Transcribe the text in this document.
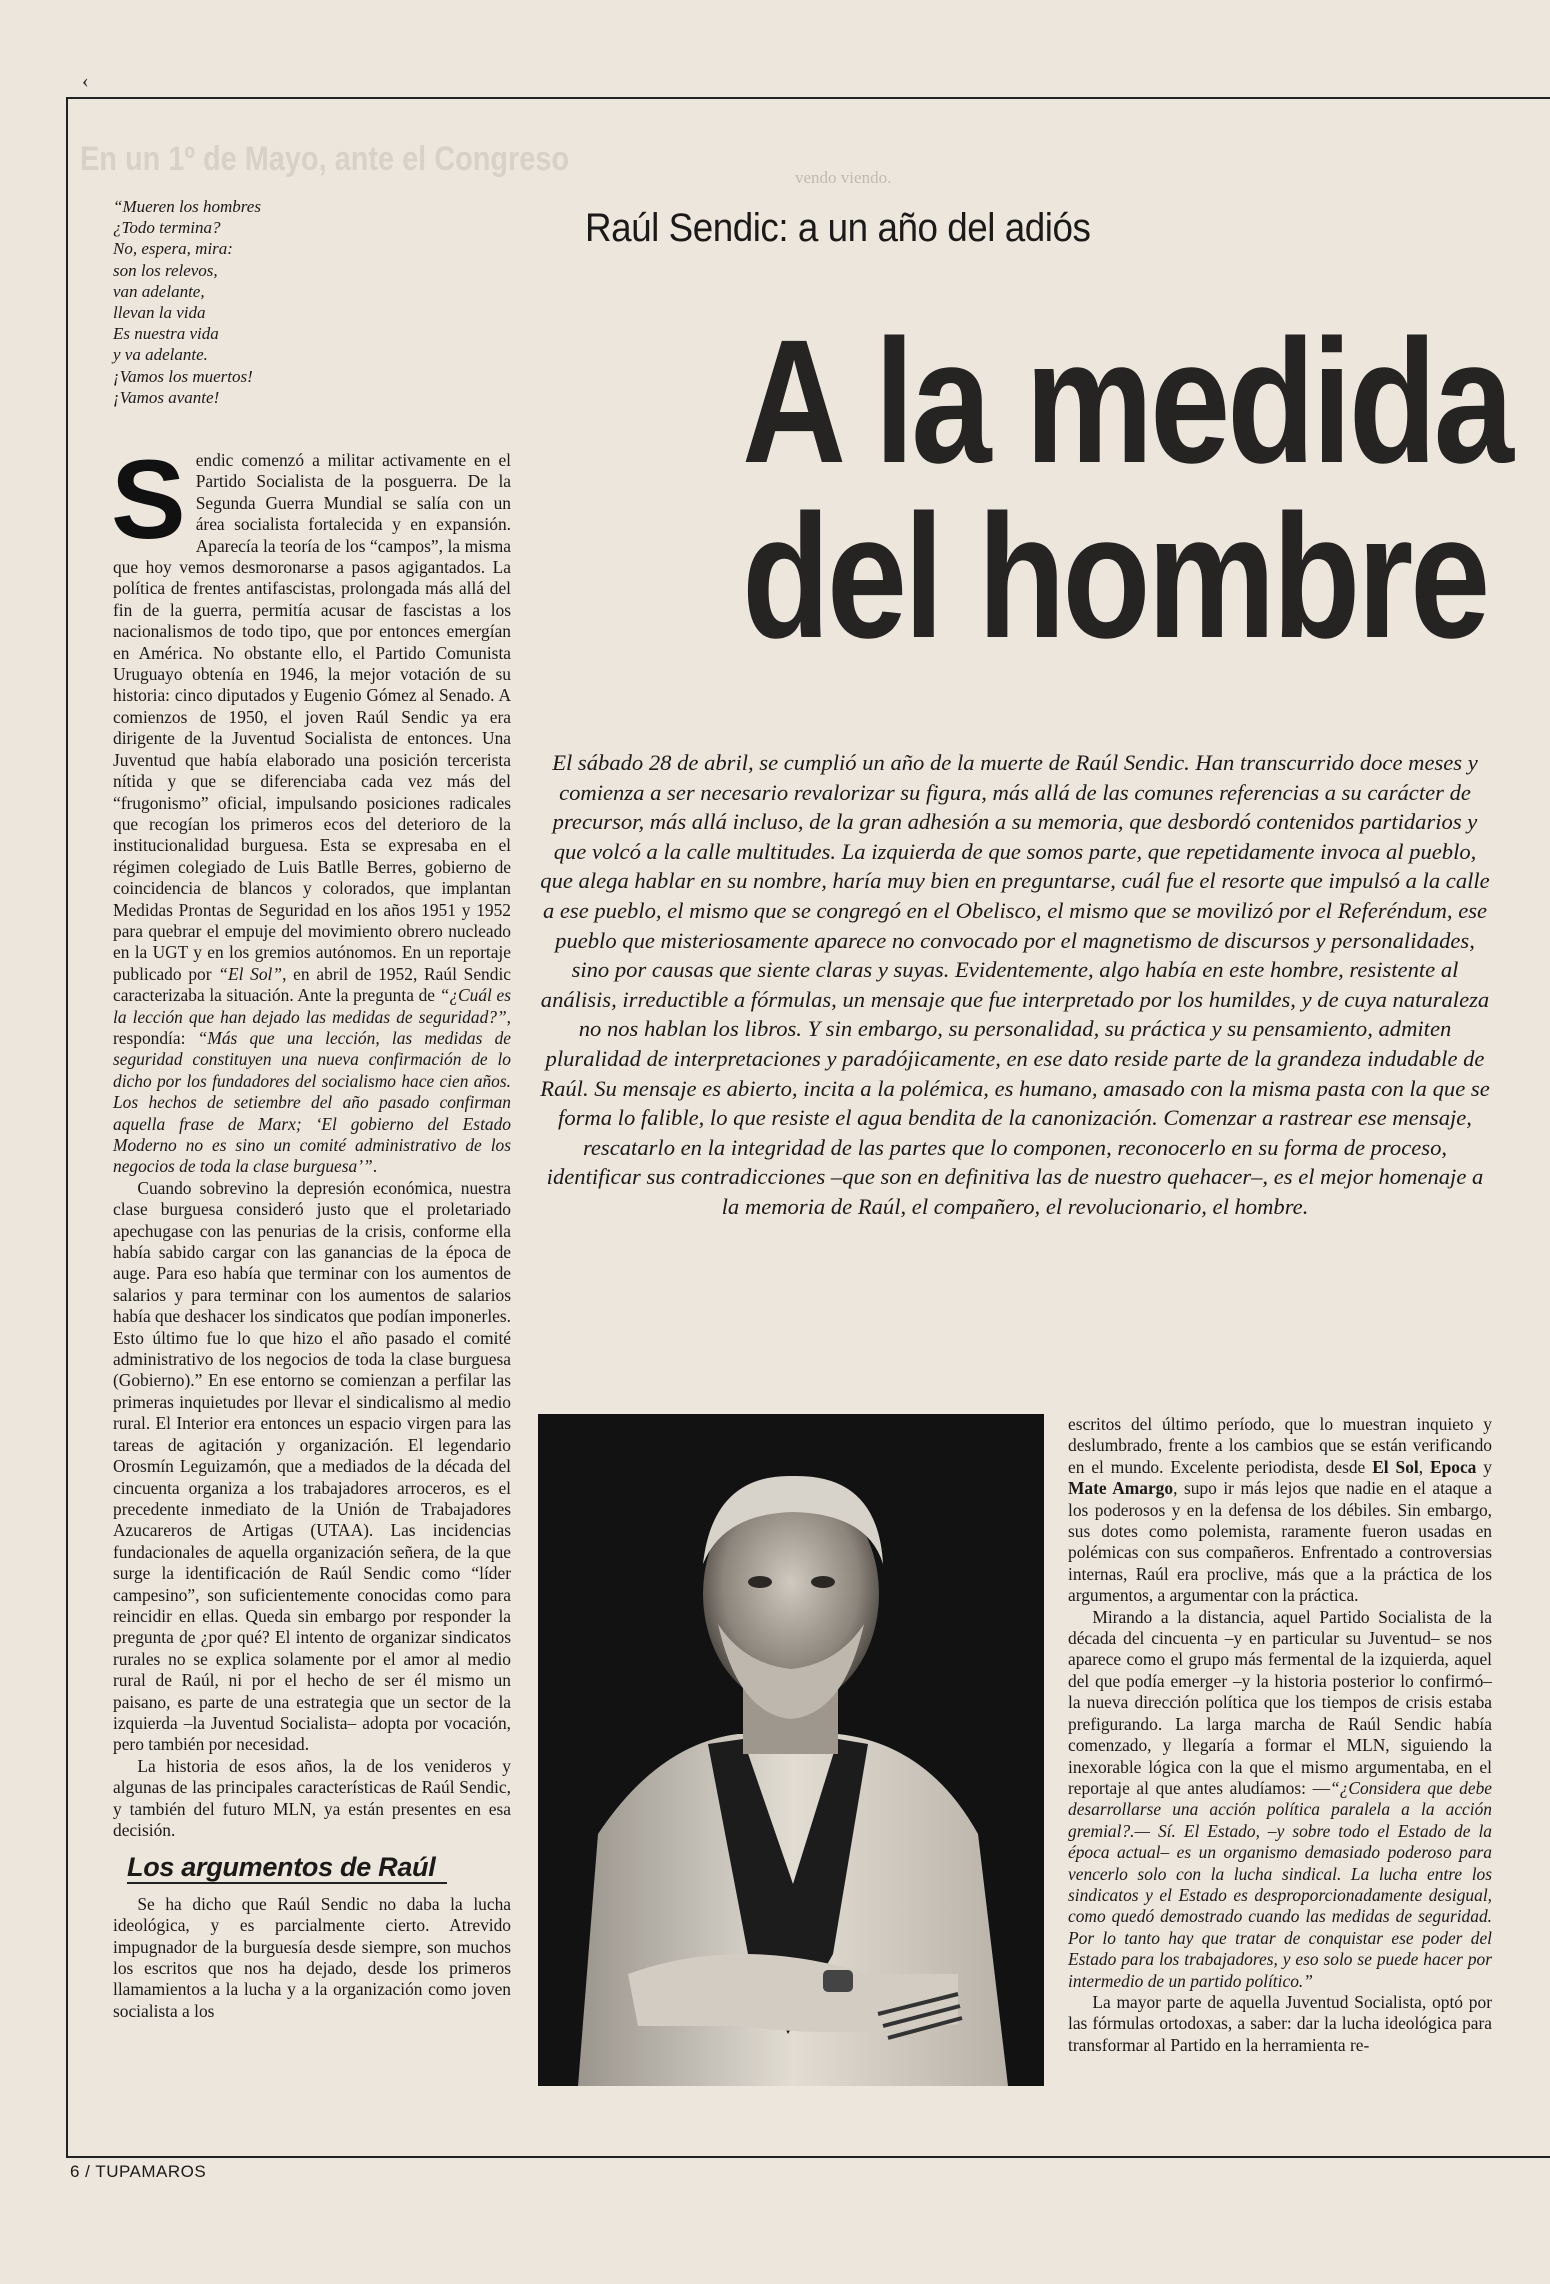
‹
En un 1º de Mayo, ante el Congreso	vendo viendo.
“Mueren los hombres
¿Todo termina?
No, espera, mira:
son los relevos,
van adelante,
llevan la vida
Es nuestra vida
y va adelante.
¡Vamos los muertos!
¡Vamos avante!
Raúl Sendic: a un año del adiós
A la medida
del hombre
El sábado 28 de abril, se cumplió un año de la muerte de Raúl Sendic. Han transcurrido doce meses y comienza a ser necesario revalorizar su figura, más allá de las comunes referencias a su carácter de precursor, más allá incluso, de la gran adhesión a su memoria, que desbordó contenidos partidarios y que volcó a la calle multitudes. La izquierda de que somos parte, que repetidamente invoca al pueblo, que alega hablar en su nombre, haría muy bien en preguntarse, cuál fue el resorte que impulsó a la calle a ese pueblo, el mismo que se congregó en el Obelisco, el mismo que se movilizó por el Referéndum, ese pueblo que misteriosamente aparece no convocado por el magnetismo de discursos y personalidades, sino por causas que siente claras y suyas. Evidentemente, algo había en este hombre, resistente al análisis, irreductible a fórmulas, un mensaje que fue interpretado por los humildes, y de cuya naturaleza no nos hablan los libros. Y sin embargo, su personalidad, su práctica y su pensamiento, admiten pluralidad de interpretaciones y paradójicamente, en ese dato reside parte de la grandeza indudable de Raúl. Su mensaje es abierto, incita a la polémica, es humano, amasado con la misma pasta con la que se forma lo falible, lo que resiste el agua bendita de la canonización. Comenzar a rastrear ese mensaje, rescatarlo en la integridad de las partes que lo componen, reconocerlo en su forma de proceso, identificar sus contradicciones –que son en definitiva las de nuestro quehacer–, es el mejor homenaje a la memoria de Raúl, el compañero, el revolucionario, el hombre.

Sendic comenzó a militar activamente en el Partido Socialista de la posguerra. De la Segunda Guerra Mundial se salía con un área socialista fortalecida y en expansión. Aparecía la teoría de los “campos”, la misma que hoy vemos desmoronarse a pasos agigantados. La política de frentes antifascistas, prolongada más allá del fin de la guerra, permitía acusar de fascistas a los nacionalismos de todo tipo, que por entonces emergían en América. No obstante ello, el Partido Comunista Uruguayo obtenía en 1946, la mejor votación de su historia: cinco diputados y Eugenio Gómez al Senado. A comienzos de 1950, el joven Raúl Sendic ya era dirigente de la Juventud Socialista de entonces. Una Juventud que había elaborado una posición tercerista nítida y que se diferenciaba cada vez más del “frugonismo” oficial, impulsando posiciones radicales que recogían los primeros ecos del deterioro de la institucionalidad burguesa. Esta se expresaba en el régimen colegiado de Luis Batlle Berres, gobierno de coincidencia de blancos y colorados, que implantan Medidas Prontas de Seguridad en los años 1951 y 1952 para quebrar el empuje del movimiento obrero nucleado en la UGT y en los gremios autónomos. En un reportaje publicado por “El Sol”, en abril de 1952, Raúl Sendic caracterizaba la situación. Ante la pregunta de “¿Cuál es la lección que han dejado las medidas de seguridad?”, respondía: “Más que una lección, las medidas de seguridad constituyen una nueva confirmación de lo dicho por los fundadores del socialismo hace cien años. Los hechos de setiembre del año pasado confirman aquella frase de Marx; ‘El gobierno del Estado Moderno no es sino un comité administrativo de los negocios de toda la clase burguesa’”.

Cuando sobrevino la depresión económica, nuestra clase burguesa consideró justo que el proletariado apechugase con las penurias de la crisis, conforme ella había sabido cargar con las ganancias de la época de auge. Para eso había que terminar con los aumentos de salarios y para terminar con los aumentos de salarios había que deshacer los sindicatos que podían imponerles. Esto último fue lo que hizo el año pasado el comité administrativo de los negocios de toda la clase burguesa (Gobierno).” En ese entorno se comienzan a perfilar las primeras inquietudes por llevar el sindicalismo al medio rural. El Interior era entonces un espacio virgen para las tareas de agitación y organización. El legendario Orosmín Leguizamón, que a mediados de la década del cincuenta organiza a los trabajadores arroceros, es el precedente inmediato de la Unión de Trabajadores Azucareros de Artigas (UTAA). Las incidencias fundacionales de aquella organización señera, de la que surge la identificación de Raúl Sendic como “líder campesino”, son suficientemente conocidas como para reincidir en ellas. Queda sin embargo por responder la pregunta de ¿por qué? El intento de organizar sindicatos rurales no se explica solamente por el amor al medio rural de Raúl, ni por el hecho de ser él mismo un paisano, es parte de una estrategia que un sector de la izquierda –la Juventud Socialista– adopta por vocación, pero también por necesidad.

La historia de esos años, la de los venideros y algunas de las principales características de Raúl Sendic, y también del futuro MLN, ya están presentes en esa decisión.

Los argumentos de Raúl

Se ha dicho que Raúl Sendic no daba la lucha ideológica, y es parcialmente cierto. Atrevido impugnador de la burguesía desde siempre, son muchos los escritos que nos ha dejado, desde los primeros llamamientos a la lucha y a la organización como joven socialista a los

escritos del último período, que lo muestran inquieto y deslumbrado, frente a los cambios que se están verificando en el mundo. Excelente periodista, desde El Sol, Epoca y Mate Amargo, supo ir más lejos que nadie en el ataque a los poderosos y en la defensa de los débiles. Sin embargo, sus dotes como polemista, raramente fueron usadas en polémicas con sus compañeros. Enfrentado a controversias internas, Raúl era proclive, más que a la práctica de los argumentos, a argumentar con la práctica.

Mirando a la distancia, aquel Partido Socialista de la década del cincuenta –y en particular su Juventud– se nos aparece como el grupo más fermental de la izquierda, aquel del que podía emerger –y la historia posterior lo confirmó– la nueva dirección política que los tiempos de crisis estaba prefigurando. La larga marcha de Raúl Sendic había comenzado, y llegaría a formar el MLN, siguiendo la inexorable lógica con la que el mismo argumentaba, en el reportaje al que antes aludíamos: —“¿Considera que debe desarrollarse una acción política paralela a la acción gremial?.— Sí. El Estado, –y sobre todo el Estado de la época actual– es un organismo demasiado poderoso para vencerlo solo con la lucha sindical. La lucha entre los sindicatos y el Estado es desproporcionadamente desigual, como quedó demostrado cuando las medidas de seguridad. Por lo tanto hay que tratar de conquistar ese poder del Estado para los trabajadores, y eso solo se puede hacer por intermedio de un partido político.”

La mayor parte de aquella Juventud Socialista, optó por las fórmulas ortodoxas, a saber: dar la lucha ideológica para transformar al Partido en la herramienta re-

6 / TUPAMAROS
